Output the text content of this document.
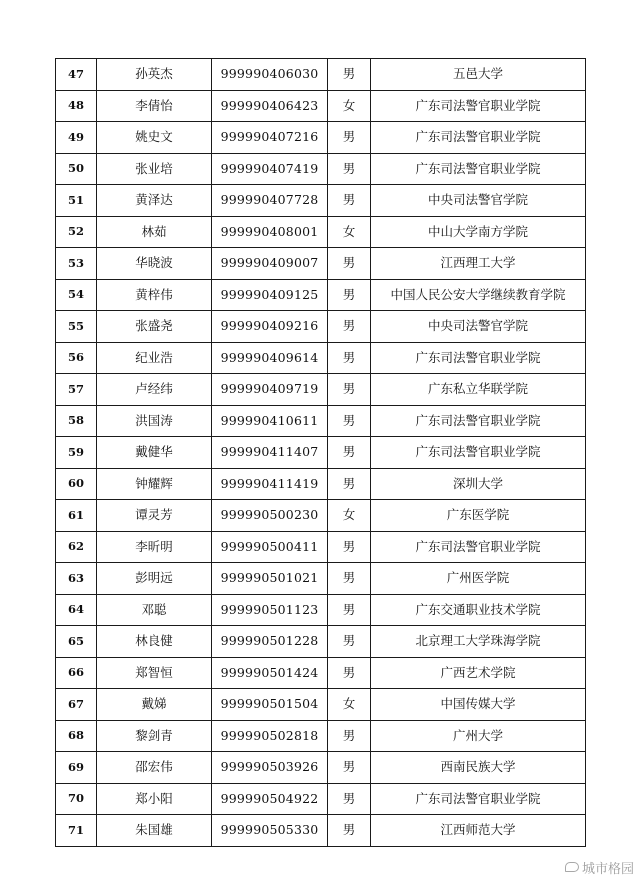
47	孙英杰	999990406030	男	五邑大学
48	李倩怡	999990406423	女	广东司法警官职业学院
49	姚史文	999990407216	男	广东司法警官职业学院
50	张业培	999990407419	男	广东司法警官职业学院
51	黄泽达	999990407728	男	中央司法警官学院
52	林茹	999990408001	女	中山大学南方学院
53	华晓波	999990409007	男	江西理工大学
54	黄梓伟	999990409125	男	中国人民公安大学继续教育学院
55	张盛尧	999990409216	男	中央司法警官学院
56	纪业浩	999990409614	男	广东司法警官职业学院
57	卢经纬	999990409719	男	广东私立华联学院
58	洪国涛	999990410611	男	广东司法警官职业学院
59	戴健华	999990411407	男	广东司法警官职业学院
60	钟耀辉	999990411419	男	深圳大学
61	谭灵芳	999990500230	女	广东医学院
62	李昕明	999990500411	男	广东司法警官职业学院
63	彭明远	999990501021	男	广州医学院
64	邓聪	999990501123	男	广东交通职业技术学院
65	林良健	999990501228	男	北京理工大学珠海学院
66	郑智恒	999990501424	男	广西艺术学院
67	戴娣	999990501504	女	中国传媒大学
68	黎剑青	999990502818	男	广州大学
69	邵宏伟	999990503926	男	西南民族大学
70	郑小阳	999990504922	男	广东司法警官职业学院
71	朱国雄	999990505330	男	江西师范大学
城市格园
